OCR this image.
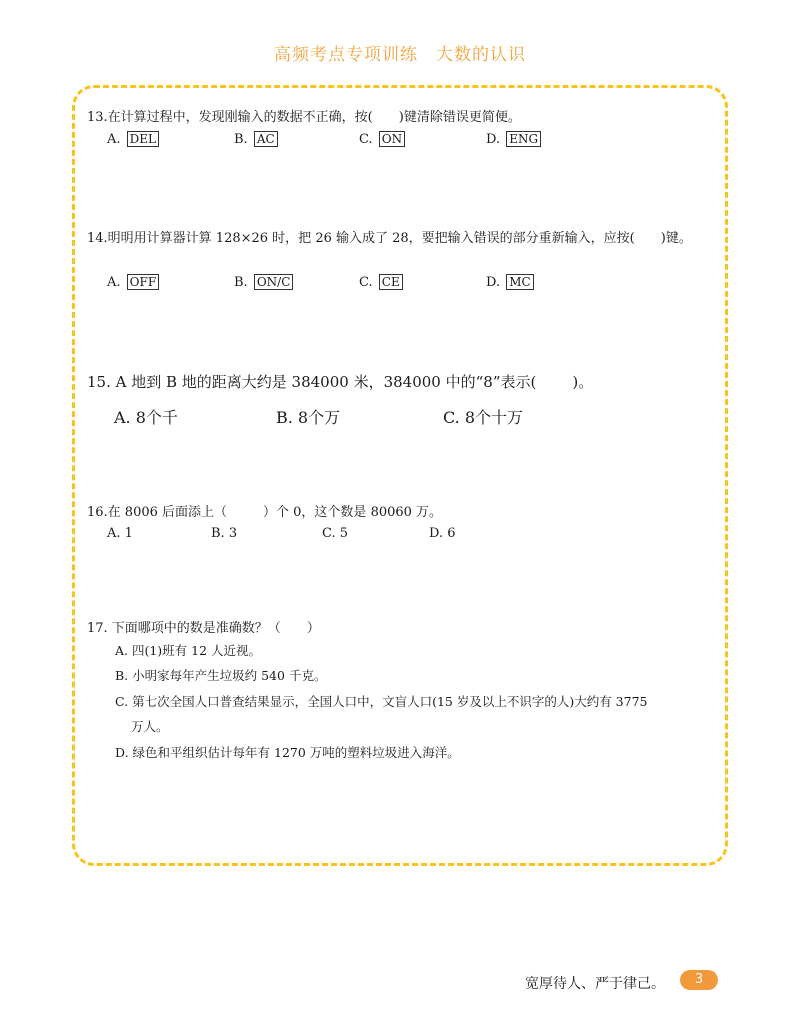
高频考点专项训练 大数的认识
13.在计算过程中，发现刚输入的数据不正确，按( )键清除错误更简便。
A. DEL	B. AC	C. ON	D. ENG
14.明明用计算器计算 128×26 时，把 26 输入成了 28，要把输入错误的部分重新输入，应按( )键。
A. OFF	B. ON/C	C. CE	D. MC
15. A 地到 B 地的距离大约是 384000 米，384000 中的“8”表示( )。
A. 8个千	B. 8个万	C. 8个十万
16.在 8006 后面添上（	）个 0，这个数是 80060 万。
A. 1	B. 3	C. 5	D. 6
17. 下面哪项中的数是准确数？（ ）
A. 四(1)班有 12 人近视。
B. 小明家每年产生垃圾约 540 千克。
C. 第七次全国人口普查结果显示，全国人口中，文盲人口(15 岁及以上不识字的人)大约有 3775
万人。
D. 绿色和平组织估计每年有 1270 万吨的塑料垃圾进入海洋。
宽厚待人、严于律己。	3
